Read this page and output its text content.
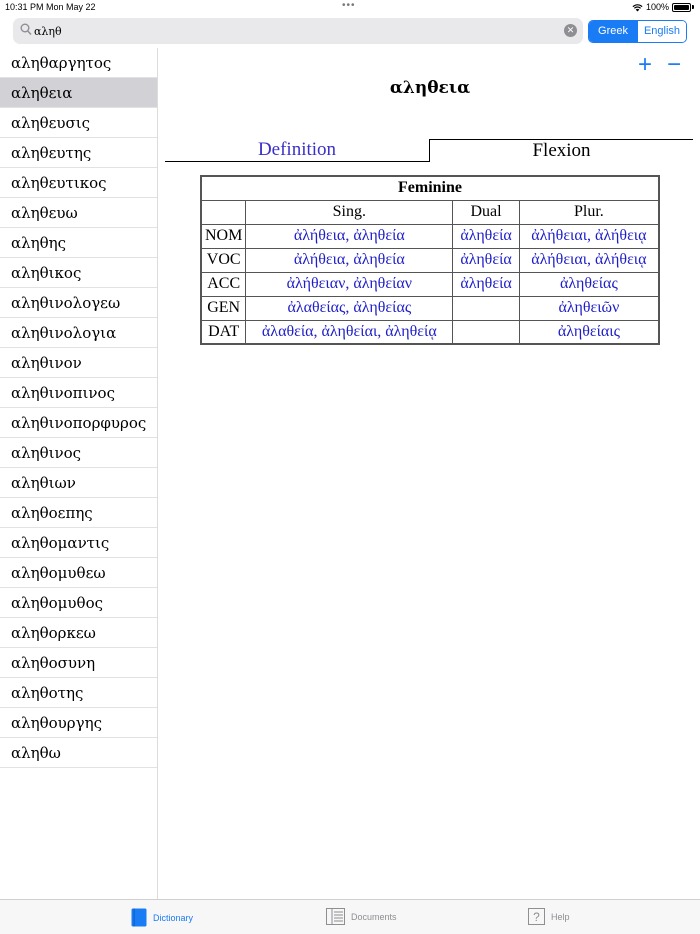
10:31 PM Mon May 22	•••	100%
αληθ
✕	Greek	English
αληθαργητος
αληθεια
αληθευσις
αληθευτης
αληθευτικος
αληθευω
αληθης
αληθικος
αληθινολογεω
αληθινολογια
αληθινον
αληθινοπινος
αληθινοπορφυρος
αληθινος
αληθιων
αληθοεπης
αληθομαντις
αληθομυθεω
αληθομυθος
αληθορκεω
αληθοσυνη
αληθοτης
αληθουργης
αληθω
+ −
αληθεια
Definition	Flexion
Feminine			
	Sing.	Dual	Plur.
NOM	ἀλήθεια, ἀληθεία	ἀληθεία	ἀλήθειαι, ἀλήθειᾳ
VOC	ἀλήθεια, ἀληθεία	ἀληθεία	ἀλήθειαι, ἀλήθειᾳ
ACC	ἀλήθειαν, ἀληθείαν	ἀληθεία	ἀληθείας
GEN	ἀλαθείας, ἀληθείας		ἀληθειῶν
DAT	ἀλαθεία, ἀληθείαι, ἀληθείᾳ		ἀληθείαις
Dictionary	Documents	? Help
